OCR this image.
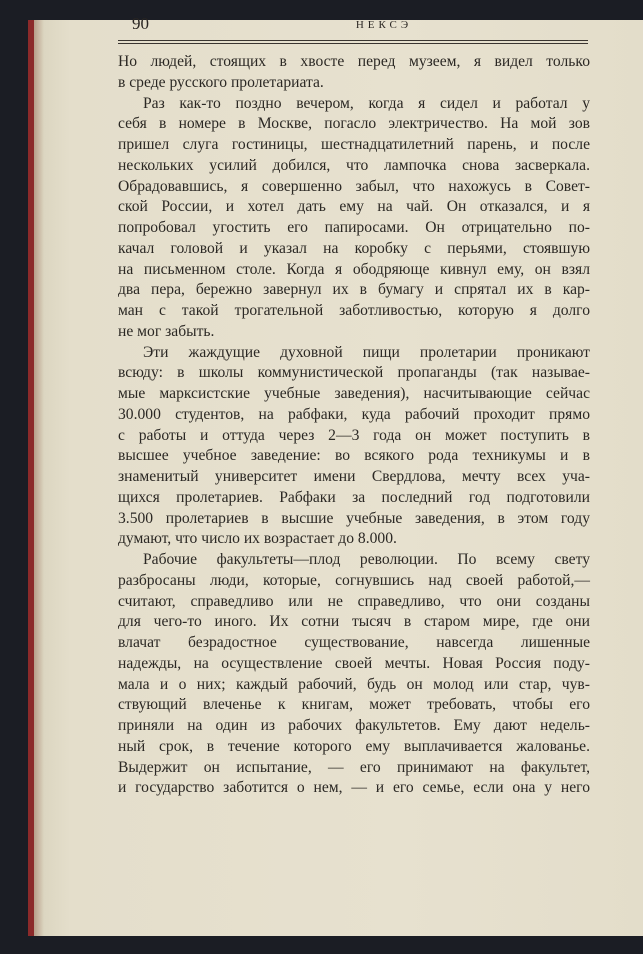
90	НЕКСЭ
Но людей, стоящих в хвосте перед музеем, я видел только
в среде русского пролетариата.
Раз как-то поздно вечером, когда я сидел и работал у
себя в номере в Москве, погасло электричество. На мой зов
пришел слуга гостиницы, шестнадцатилетний парень, и после
нескольких усилий добился, что лампочка снова засверкала.
Обрадовавшись, я совершенно забыл, что нахожусь в Совет-
ской России, и хотел дать ему на чай. Он отказался, и я
попробовал угостить его папиросами. Он отрицательно по-
качал головой и указал на коробку с перьями, стоявшую
на письменном столе. Когда я ободряюще кивнул ему, он взял
два пера, бережно завернул их в бумагу и спрятал их в кар-
ман с такой трогательной заботливостью, которую я долго
не мог забыть.
Эти жаждущие духовной пищи пролетарии проникают
всюду: в школы коммунистической пропаганды (так называе-
мые марксистские учебные заведения), насчитывающие сейчас
30.000 студентов, на рабфаки, куда рабочий проходит прямо
с работы и оттуда через 2—3 года он может поступить в
высшее учебное заведение: во всякого рода техникумы и в
знаменитый университет имени Свердлова, мечту всех уча-
щихся пролетариев. Рабфаки за последний год подготовили
3.500 пролетариев в высшие учебные заведения, в этом году
думают, что число их возрастает до 8.000.
Рабочие факультеты—плод революции. По всему свету
разбросаны люди, которые, согнувшись над своей работой,—
считают, справедливо или не справедливо, что они созданы
для чего-то иного. Их сотни тысяч в старом мире, где они
влачат безрадостное существование, навсегда лишенные
надежды, на осуществление своей мечты. Новая Россия поду-
мала и о них; каждый рабочий, будь он молод или стар, чув-
ствующий влеченье к книгам, может требовать, чтобы его
приняли на один из рабочих факультетов. Ему дают недель-
ный срок, в течение которого ему выплачивается жалованье.
Выдержит он испытание, — его принимают на факультет,
и государство заботится о нем, — и его семье, если она у него
